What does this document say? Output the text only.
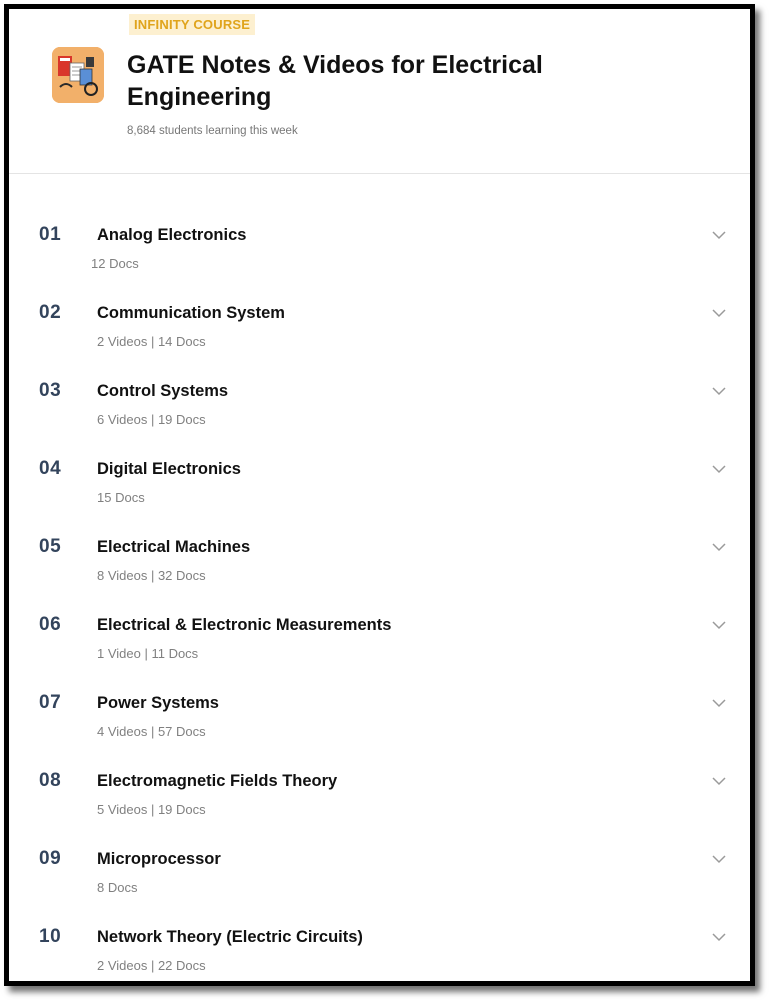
INFINITY COURSE
GATE Notes & Videos for Electrical Engineering
8,684 students learning this week
01 Analog Electronics
12 Docs
02 Communication System
2 Videos | 14 Docs
03 Control Systems
6 Videos | 19 Docs
04 Digital Electronics
15 Docs
05 Electrical Machines
8 Videos | 32 Docs
06 Electrical & Electronic Measurements
1 Video | 11 Docs
07 Power Systems
4 Videos | 57 Docs
08 Electromagnetic Fields Theory
5 Videos | 19 Docs
09 Microprocessor
8 Docs
10 Network Theory (Electric Circuits)
2 Videos | 22 Docs
